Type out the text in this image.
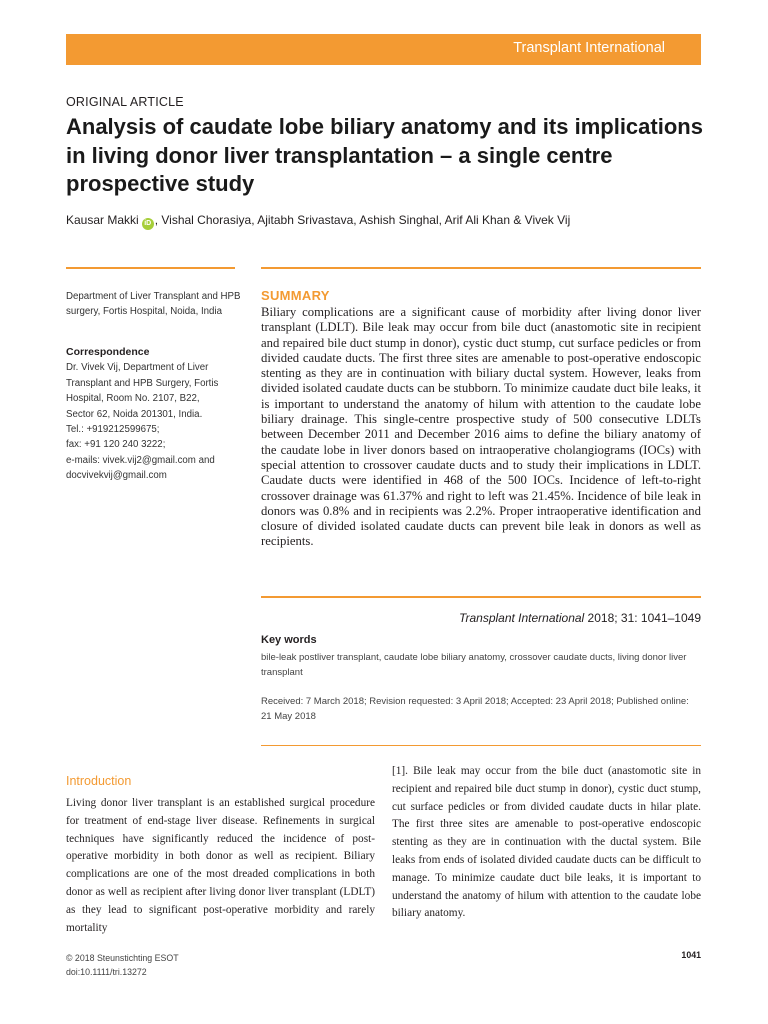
Transplant International
ORIGINAL ARTICLE
Analysis of caudate lobe biliary anatomy and its implications in living donor liver transplantation – a single centre prospective study
Kausar Makki iD , Vishal Chorasiya, Ajitabh Srivastava, Ashish Singhal, Arif Ali Khan & Vivek Vij
Department of Liver Transplant and HPB surgery, Fortis Hospital, Noida, India
Correspondence
Dr. Vivek Vij, Department of Liver
Transplant and HPB Surgery, Fortis
Hospital, Room No. 2107, B22,
Sector 62, Noida 201301, India.
Tel.: +919212599675;
fax: +91 120 240 3222;
e-mails: vivek.vij2@gmail.com and
docvivekvij@gmail.com
SUMMARY

Biliary complications are a significant cause of morbidity after living donor liver transplant (LDLT). Bile leak may occur from bile duct (anastomotic site in recipient and repaired bile duct stump in donor), cystic duct stump, cut surface pedicles or from divided caudate ducts. The first three sites are amenable to post-operative endoscopic stenting as they are in continuation with biliary ductal system. However, leaks from divided isolated caudate ducts can be stubborn. To minimize caudate duct bile leaks, it is important to understand the anatomy of hilum with attention to the caudate lobe biliary drainage. This single-centre prospective study of 500 consecutive LDLTs between December 2011 and December 2016 aims to define the biliary anatomy of the caudate lobe in liver donors based on intraoperative cholangiograms (IOCs) with special attention to crossover caudate ducts and to study their implications in LDLT. Caudate ducts were identified in 468 of the 500 IOCs. Incidence of left-to-right crossover drainage was 61.37% and right to left was 21.45%. Incidence of bile leak in donors was 0.8% and in recipients was 2.2%. Proper intraoperative identification and closure of divided isolated caudate ducts can prevent bile leak in donors as well as recipients.

Transplant International 2018; 31: 1041–1049
Key words

bile-leak postliver transplant, caudate lobe biliary anatomy, crossover caudate ducts, living donor liver transplant

Received: 7 March 2018; Revision requested: 3 April 2018; Accepted: 23 April 2018; Published online: 21 May 2018

Introduction

Living donor liver transplant is an established surgical procedure for treatment of end-stage liver disease. Refinements in surgical techniques have significantly reduced the incidence of post-operative morbidity in both donor as well as recipient. Biliary complications are one of the most dreaded complications in both donor as well as recipient after living donor liver transplant (LDLT) as they lead to significant post-operative morbidity and rarely mortality

[1]. Bile leak may occur from the bile duct (anastomotic site in recipient and repaired bile duct stump in donor), cystic duct stump, cut surface pedicles or from divided caudate ducts in hilar plate. The first three sites are amenable to post-operative endoscopic stenting as they are in continuation with the ductal system. Bile leaks from ends of isolated divided caudate ducts can be difficult to manage. To minimize caudate duct bile leaks, it is important to understand the anatomy of hilum with attention to the caudate lobe biliary anatomy.

© 2018 Steunstichting ESOT
doi:10.1111/tri.13272
1041
